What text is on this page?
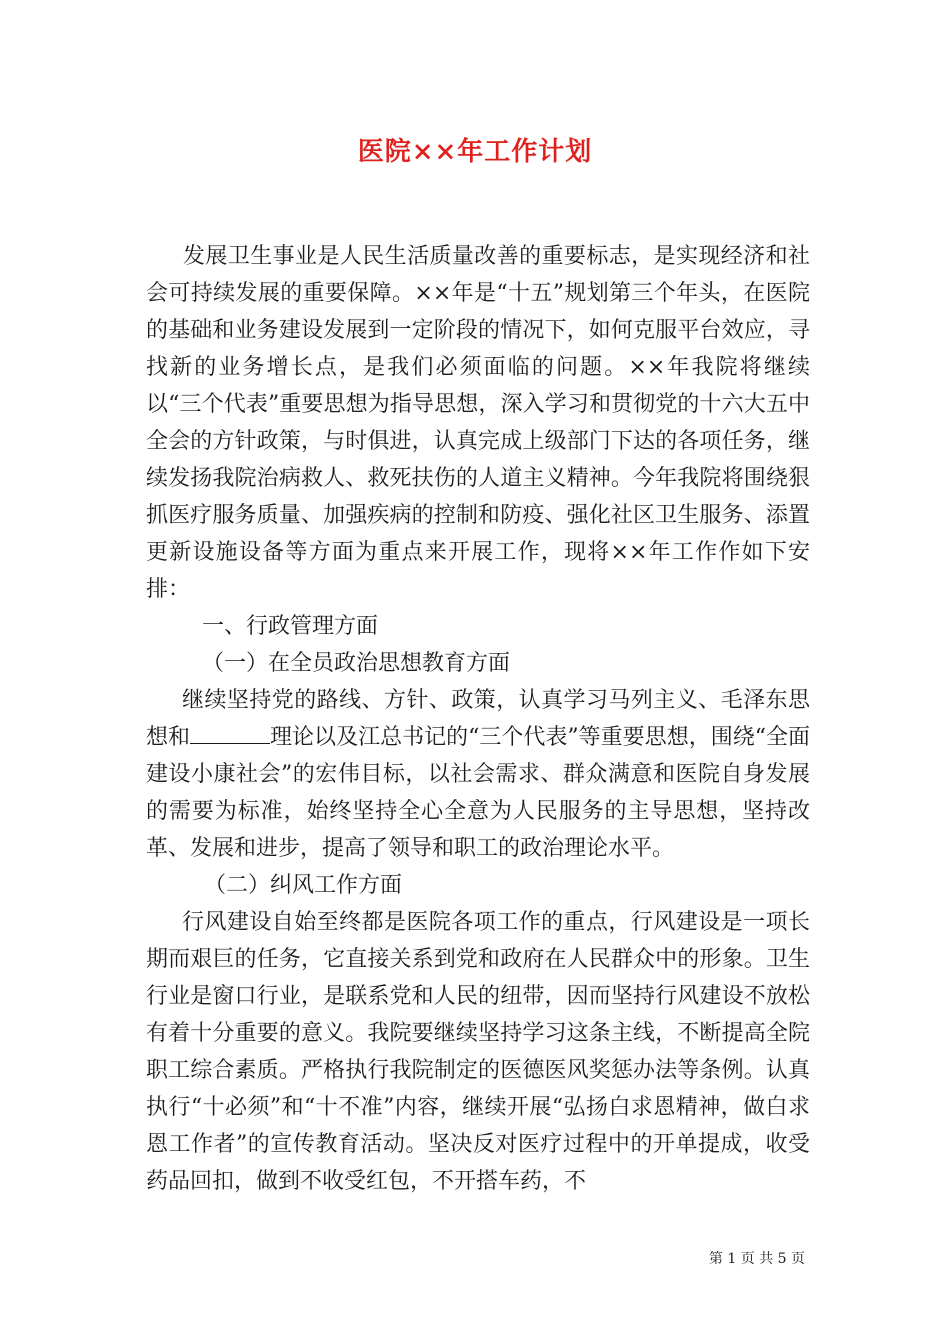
医院××年工作计划

发展卫生事业是人民生活质量改善的重要标志，是实现经济和社会可持续发展的重要保障。××年是“十五”规划第三个年头，在医院的基础和业务建设发展到一定阶段的情况下，如何克服平台效应，寻找新的业务增长点，是我们必须面临的问题。××年我院将继续以“三个代表”重要思想为指导思想，深入学习和贯彻党的十六大五中全会的方针政策，与时俱进，认真完成上级部门下达的各项任务，继续发扬我院治病救人、救死扶伤的人道主义精神。今年我院将围绕狠抓医疗服务质量、加强疾病的控制和防疫、强化社区卫生服务、添置更新设施设备等方面为重点来开展工作，现将××年工作作如下安排：

一、行政管理方面

（一）在全员政治思想教育方面

继续坚持党的路线、方针、政策，认真学习马列主义、毛泽东思想和	理论以及江总书记的“三个代表”等重要思想，围绕“全面建设小康社会”的宏伟目标，以社会需求、群众满意和医院自身发展的需要为标准，始终坚持全心全意为人民服务的主导思想，坚持改革、发展和进步，提高了领导和职工的政治理论水平。

（二）纠风工作方面

行风建设自始至终都是医院各项工作的重点，行风建设是一项长期而艰巨的任务，它直接关系到党和政府在人民群众中的形象。卫生行业是窗口行业，是联系党和人民的纽带，因而坚持行风建设不放松有着十分重要的意义。我院要继续坚持学习这条主线，不断提高全院职工综合素质。严格执行我院制定的医德医风奖惩办法等条例。认真执行“十必须”和“十不准”内容，继续开展“弘扬白求恩精神，做白求恩工作者”的宣传教育活动。坚决反对医疗过程中的开单提成，收受药品回扣，做到不收受红包，不开搭车药，不

第 1 页 共 5 页
